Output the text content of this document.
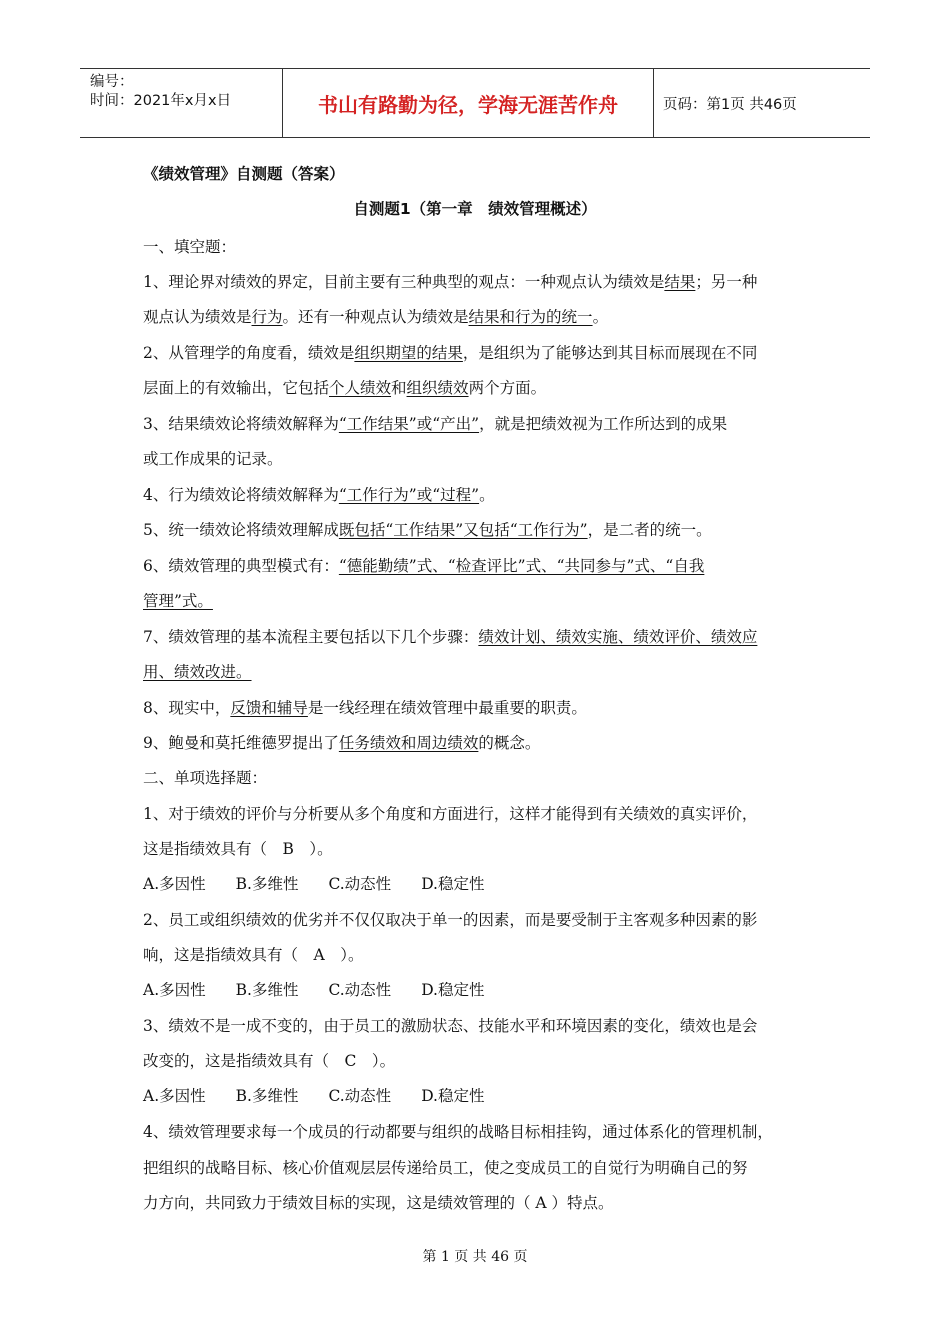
编号：
时间：2021年x月x日	书山有路勤为径，学海无涯苦作舟	页码：第1页 共46页
《绩效管理》自测题（答案）
自测题1（第一章　绩效管理概述）
一、填空题：
1、理论界对绩效的界定，目前主要有三种典型的观点：一种观点认为绩效是结果；另一种
观点认为绩效是行为。还有一种观点认为绩效是结果和行为的统一。
2、从管理学的角度看，绩效是组织期望的结果，是组织为了能够达到其目标而展现在不同
层面上的有效输出，它包括个人绩效和组织绩效两个方面。
3、结果绩效论将绩效解释为“工作结果”或“产出”，就是把绩效视为工作所达到的成果
或工作成果的记录。
4、行为绩效论将绩效解释为“工作行为”或“过程”。
5、统一绩效论将绩效理解成既包括“工作结果”又包括“工作行为”，是二者的统一。
6、绩效管理的典型模式有：“德能勤绩”式、“检查评比”式、“共同参与”式、“自我
管理”式。
7、绩效管理的基本流程主要包括以下几个步骤：绩效计划、绩效实施、绩效评价、绩效应
用、绩效改进。
8、现实中，反馈和辅导是一线经理在绩效管理中最重要的职责。
9、鲍曼和莫托维德罗提出了任务绩效和周边绩效的概念。
二、单项选择题：
1、对于绩效的评价与分析要从多个角度和方面进行，这样才能得到有关绩效的真实评价，
这是指绩效具有（　B　）。
2、员工或组织绩效的优劣并不仅仅取决于单一的因素，而是要受制于主客观多种因素的影
响，这是指绩效具有（　A　）。
3、绩效不是一成不变的，由于员工的激励状态、技能水平和环境因素的变化，绩效也是会
改变的，这是指绩效具有（　C　）。
4、绩效管理要求每一个成员的行动都要与组织的战略目标相挂钩，通过体系化的管理机制，
把组织的战略目标、核心价值观层层传递给员工，使之变成员工的自觉行为明确自己的努
力方向，共同致力于绩效目标的实现，这是绩效管理的（ A ）特点。
A.多因性 B.多维性 C.动态性 D.稳定性
A.多因性 B.多维性 C.动态性 D.稳定性
A.多因性 B.多维性 C.动态性 D.稳定性
第 1 页 共 46 页
